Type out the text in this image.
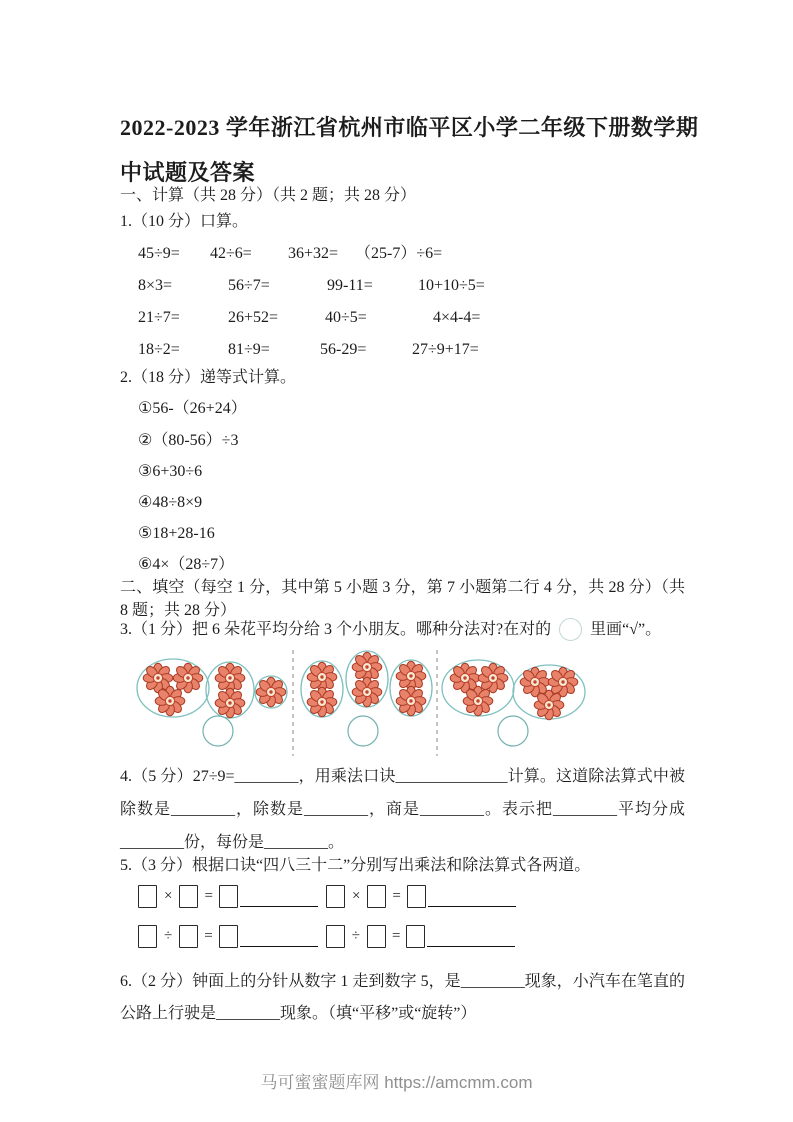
2022-2023 学年浙江省杭州市临平区小学二年级下册数学期中试题及答案
一、计算（共 28 分）（共 2 题；共 28 分）
1.（10 分）口算。
45÷9= 42÷6= 36+32= （25-7）÷6=
8×3=	56÷7=	99-11=	10+10÷5=
21÷7=	26+52=	40÷5=	4×4-4=
18÷2=	81÷9=	56-29=	27÷9+17=
2.（18 分）递等式计算。
①56-（26+24）
②（80-56）÷3
③6+30÷6
④48÷8×9
⑤18+28-16
⑥4×（28÷7）
二、填空（每空 1 分，其中第 5 小题 3 分，第 7 小题第二行 4 分，共 28 分）（共 8 题；共 28 分）
3.（1 分）把 6 朵花平均分给 3 个小朋友。哪种分法对?在对的 里画“√”。
4.（5 分）27÷9=________，用乘法口诀______________计算。这道除法算式中被除数是________，除数是________，商是________。表示把________平均分成________份，每份是________。
5.（3 分）根据口诀“四八三十二”分别写出乘法和除法算式各两道。
× =	× =
÷ =	÷ =
6.（2 分）钟面上的分针从数字 1 走到数字 5，是________现象，小汽车在笔直的公路上行驶是________现象。（填“平移”或“旋转”）
马可蜜蜜题库网 https://amcmm.com
